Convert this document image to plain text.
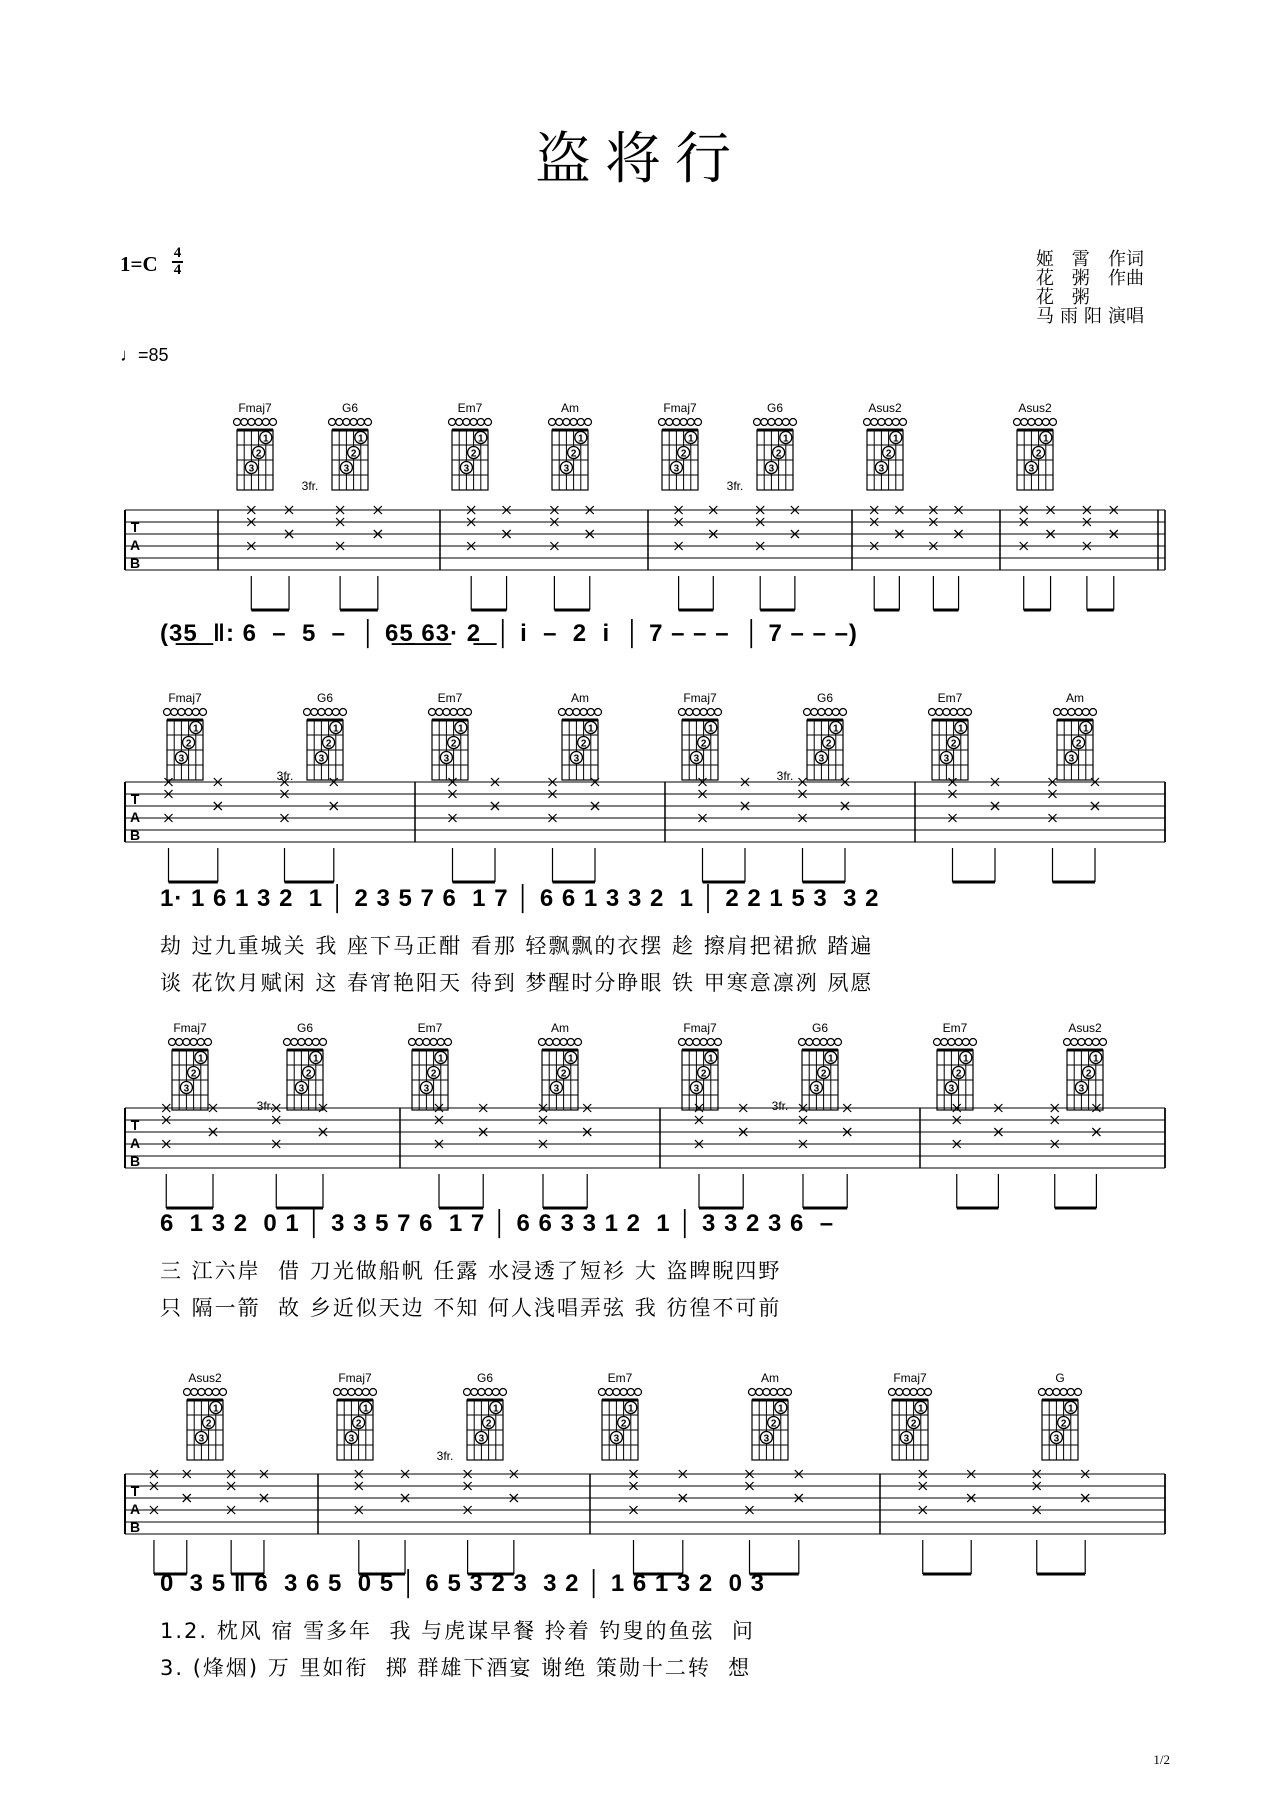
盗将行
1=C 4
4
♩=85
姬 霄 作词
花 粥 作曲
花 粥
马雨阳演唱
Fmaj7
1
2
3
G6
1
2
3
Em7
1
2
3
Am
1
2
3
Fmaj7
1
2
3
G6
1
2
3
Asus2
1
2
3
Asus2
1
2
3
3fr.	3fr.
T
A
B
(3͟5͟  ‖: 6  –  5  –  │ 6͟5͟ 6͟3· 2͟  │ i  –  2  i  │ 7 – – –  │ 7 – – –)
Fmaj7
1
2
3
G6
1
2
3
Em7
1
2
3
Am
1
2
3
Fmaj7
1
2
3
G6
1
2
3
Em7
1
2
3
Am
1
2
3
3fr.	3fr.
T
A
B
1· 1 6 1 3 2  1 │ 2 3 5 7 6  1 7 │ 6 6 1 3 3 2  1 │ 2 2 1 5 3  3 2
劫 过九重城关 我 座下马正酣 看那 轻飘飘的衣摆 趁 擦肩把裙掀 踏遍
谈 花饮月赋闲 这 春宵艳阳天 待到 梦醒时分睁眼 铁 甲寒意凛冽 夙愿
Fmaj7
1
2
3
G6
1
2
3
Em7
1
2
3
Am
1
2
3
Fmaj7
1
2
3
G6
1
2
3
Em7
1
2
3
Asus2
1
2
3
3fr.	3fr.
T
A
B
6  1 3 2  0 1 │ 3 3 5 7 6  1 7 │ 6 6 3 3 1 2  1 │ 3 3 2 3 6  –
三 江六岸  借 刀光做船帆 任露 水浸透了短衫 大 盗睥睨四野
只 隔一箭  故 乡近似天边 不知 何人浅唱弄弦 我 彷徨不可前
Asus2
1
2
3
Fmaj7
1
2
3
G6
1
2
3
Em7
1
2
3
Am
1
2
3
Fmaj7
1
2
3
G
1
2
3
3fr.
T
A
B
0  3 5 ‖ 6  3 6 5  0 5 │ 6 5 3 2 3  3 2 │ 1 6 1 3 2  0 3
1.2. 枕风 宿 雪多年  我 与虎谋早餐 拎着 钓叟的鱼弦  问
3. (烽烟) 万 里如衔  掷 群雄下酒宴 谢绝 策勋十二转  想
1/2
